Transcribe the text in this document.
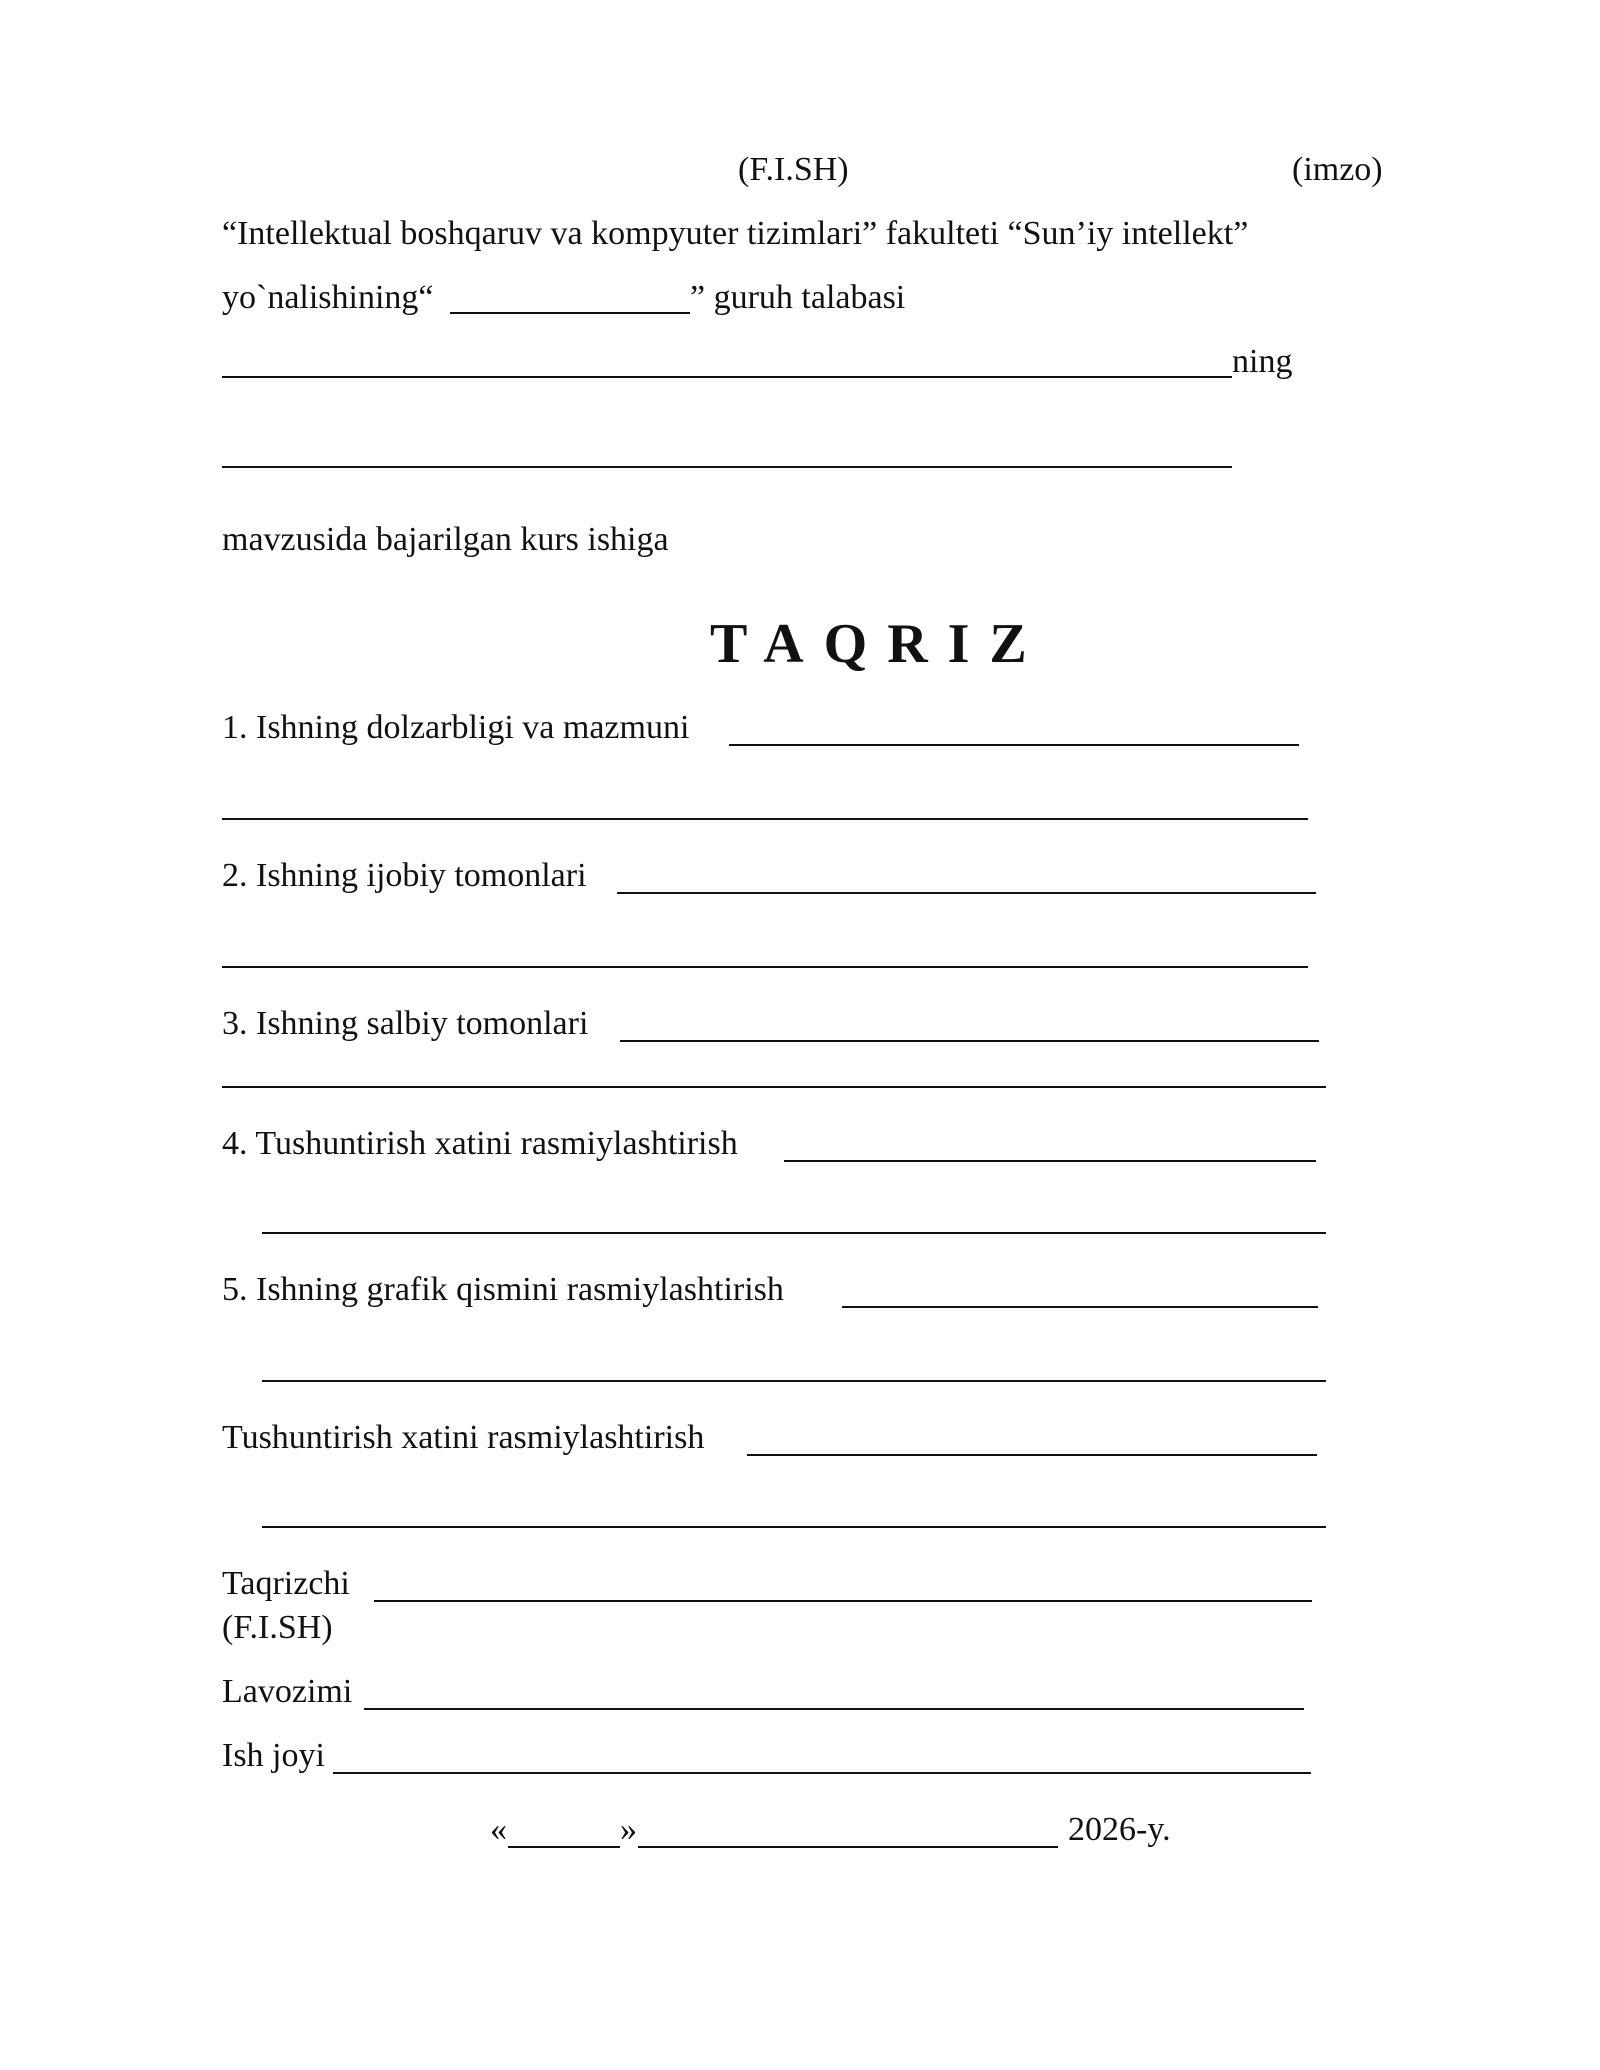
(F.I.SH)	(imzo)
“Intellektual boshqaruv va kompyuter tizimlari” fakulteti “Sun’iy intellekt”
yo`nalishining“	” guruh talabasi
ning
mavzusida bajarilgan kurs ishiga
TAQRIZ
1. Ishning dolzarbligi va mazmuni
2. Ishning ijobiy tomonlari
3. Ishning salbiy tomonlari
4. Tushuntirish xatini rasmiylashtirish
5. Ishning grafik qismini rasmiylashtirish
Tushuntirish xatini rasmiylashtirish
Taqrizchi
(F.I.SH)
Lavozimi
Ish joyi
«	»	2026-y.
